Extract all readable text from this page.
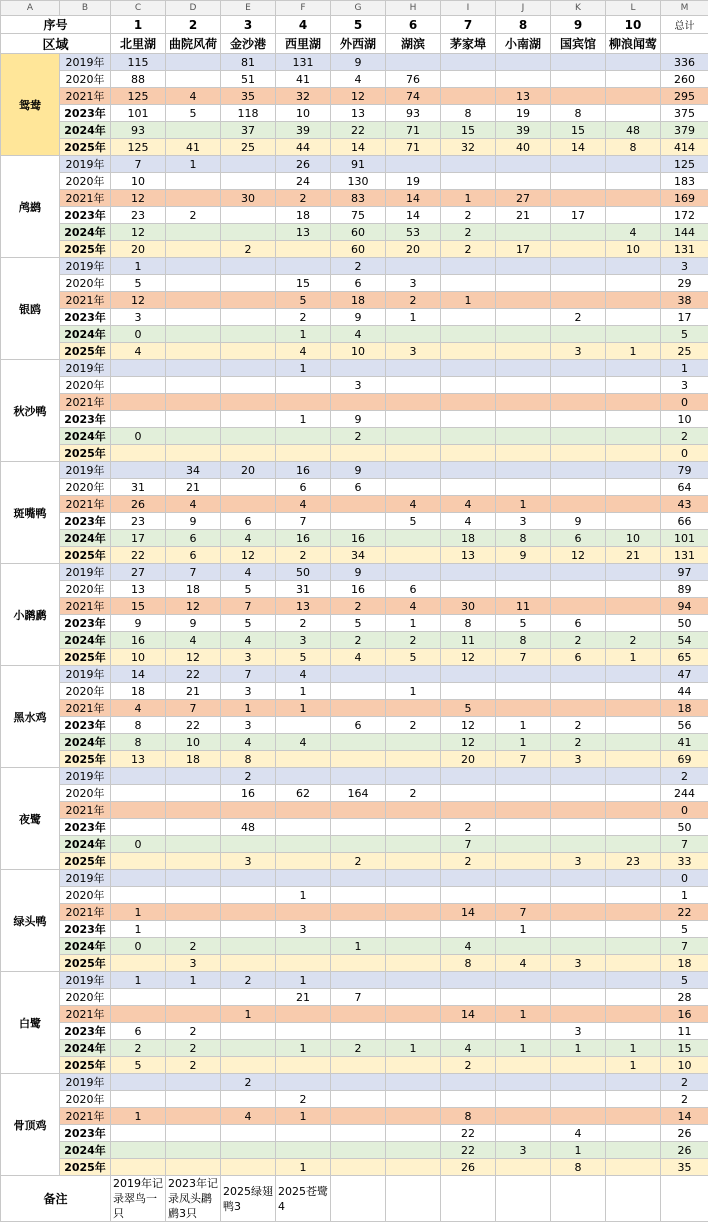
A	B	C	D	E	F	G	H	I	J	K	L	M
序号		1	2	3	4	5	6	7	8	9	10	总计
区域		北里湖	曲院风荷	金沙港	西里湖	外西湖	湖滨	茅家埠	小南湖	国宾馆	柳浪闻莺	
鸳鸯	2019年	115		81	131	9						336
	2020年	88		51	41	4	76					260
	2021年	125	4	35	32	12	74		13			295
	2023年	101	5	118	10	13	93	8	19	8		375
	2024年	93		37	39	22	71	15	39	15	48	379
	2025年	125	41	25	44	14	71	32	40	14	8	414
鸬鹚	2019年	7	1		26	91						125
	2020年	10			24	130	19					183
	2021年	12		30	2	83	14	1	27			169
	2023年	23	2		18	75	14	2	21	17		172
	2024年	12			13	60	53	2			4	144
	2025年	20		2		60	20	2	17		10	131
银鸥	2019年	1				2						3
	2020年	5			15	6	3					29
	2021年	12			5	18	2	1				38
	2023年	3			2	9	1			2		17
	2024年	0			1	4						5
	2025年	4			4	10	3			3	1	25
秋沙鸭	2019年				1							1
	2020年					3						3
	2021年											0
	2023年				1	9						10
	2024年	0				2						2
	2025年											0
斑嘴鸭	2019年		34	20	16	9						79
	2020年	31	21		6	6						64
	2021年	26	4		4		4	4	1			43
	2023年	23	9	6	7		5	4	3	9		66
	2024年	17	6	4	16	16		18	8	6	10	101
	2025年	22	6	12	2	34		13	9	12	21	131
小䴙䴘	2019年	27	7	4	50	9						97
	2020年	13	18	5	31	16	6					89
	2021年	15	12	7	13	2	4	30	11			94
	2023年	9	9	5	2	5	1	8	5	6		50
	2024年	16	4	4	3	2	2	11	8	2	2	54
	2025年	10	12	3	5	4	5	12	7	6	1	65
黑水鸡	2019年	14	22	7	4							47
	2020年	18	21	3	1		1					44
	2021年	4	7	1	1			5				18
	2023年	8	22	3		6	2	12	1	2		56
	2024年	8	10	4	4			12	1	2		41
	2025年	13	18	8				20	7	3		69
夜鹭	2019年			2								2
	2020年			16	62	164	2					244
	2021年											0
	2023年			48				2				50
	2024年	0						7				7
	2025年			3		2		2		3	23	33
绿头鸭	2019年											0
	2020年				1							1
	2021年	1						14	7			22
	2023年	1			3				1			5
	2024年	0	2			1		4				7
	2025年		3					8	4	3		18
白鹭	2019年	1	1	2	1							5
	2020年				21	7						28
	2021年			1				14	1			16
	2023年	6	2							3		11
	2024年	2	2		1	2	1	4	1	1	1	15
	2025年	5	2					2			1	10
骨顶鸡	2019年			2								2
	2020年				2							2
	2021年	1		4	1			8				14
	2023年							22		4		26
	2024年							22	3	1		26
	2025年				1			26		8		35
备注		2019年记录翠鸟一只	2023年记录凤头䴙䴘3只	2025绿翅鸭3	2025苍鹭4							
